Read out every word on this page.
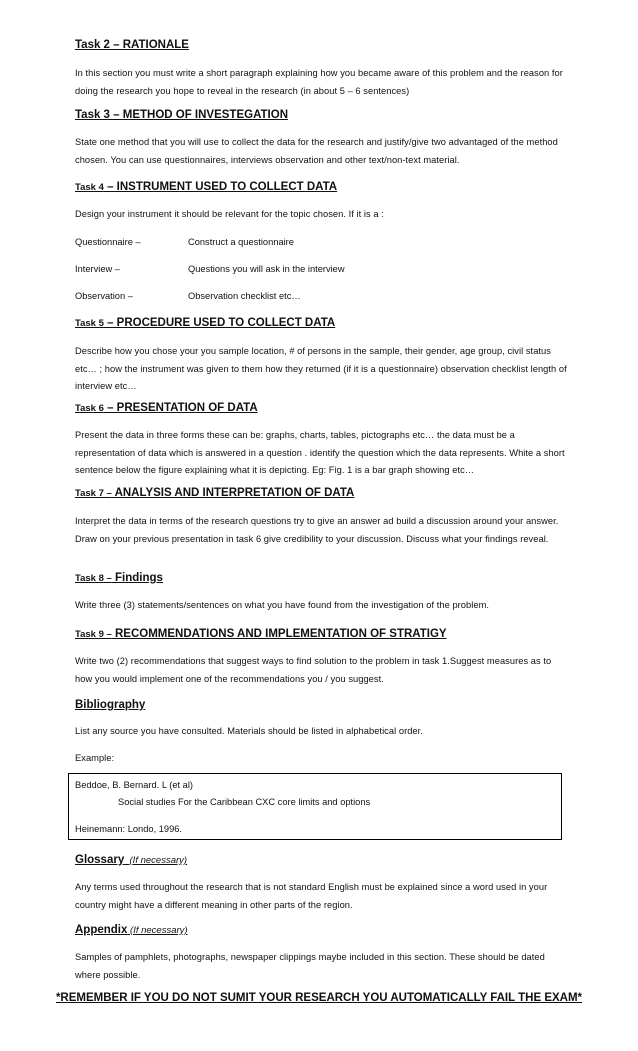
Task 2 – RATIONALE
In this section you must write a short paragraph explaining how you became aware of this problem and the reason for doing the research you hope to reveal in the research (in about 5 – 6 sentences)
Task 3 – METHOD OF INVESTEGATION
State one method that you will use to collect the data for the research and justify/give two advantaged of the method chosen. You can use questionnaires, interviews observation and other text/non-text material.
Task 4 – INSTRUMENT USED TO COLLECT DATA
Design your instrument it should be relevant for the topic chosen. If it is a :
Questionnaire –	Construct a questionnaire
Interview –	Questions you will ask in the interview
Observation –	Observation checklist etc…
Task 5 – PROCEDURE USED TO COLLECT DATA
Describe how you chose your you sample location, # of persons in the sample, their gender, age group, civil status etc… ; how the instrument was given to them how they returned (if it is a questionnaire) observation checklist length of interview etc…
Task 6 – PRESENTATION OF DATA
Present the data in three forms these can be: graphs, charts, tables, pictographs etc… the data must be a representation of data which is answered in a question . identify the question which the data represents. White a short sentence below the figure explaining what it is depicting. Eg: Fig. 1 is a bar graph showing etc…
Task 7 – ANALYSIS AND INTERPRETATION OF DATA
Interpret the data in terms of the research questions try to give an answer ad build a discussion around your answer. Draw on your previous presentation in task 6 give credibility to your discussion. Discuss what your findings reveal.
Task 8 – Findings
Write three (3) statements/sentences on what you have found from the investigation of the problem.
Task 9 – RECOMMENDATIONS AND IMPLEMENTATION OF STRATIGY
Write two (2) recommendations that suggest ways to find solution to the problem in task 1.Suggest measures as to how you would implement one of the recommendations you / you suggest.
Bibliography
List any source you have consulted. Materials should be listed in alphabetical order.
Example:
Beddoe, B. Bernard. L (et al)
Social studies For the Caribbean CXC core limits and options
Heinemann: Londo, 1996.
Glossary (If necessary)
Any terms used throughout the research that is not standard English must be explained since a word used in your country might have a different meaning in other parts of the region.
Appendix (If necessary)
Samples of pamphlets, photographs, newspaper clippings maybe included in this section. These should be dated where possible.
*REMEMBER IF YOU DO NOT SUMIT YOUR RESEARCH YOU AUTOMATICALLY FAIL THE EXAM*
